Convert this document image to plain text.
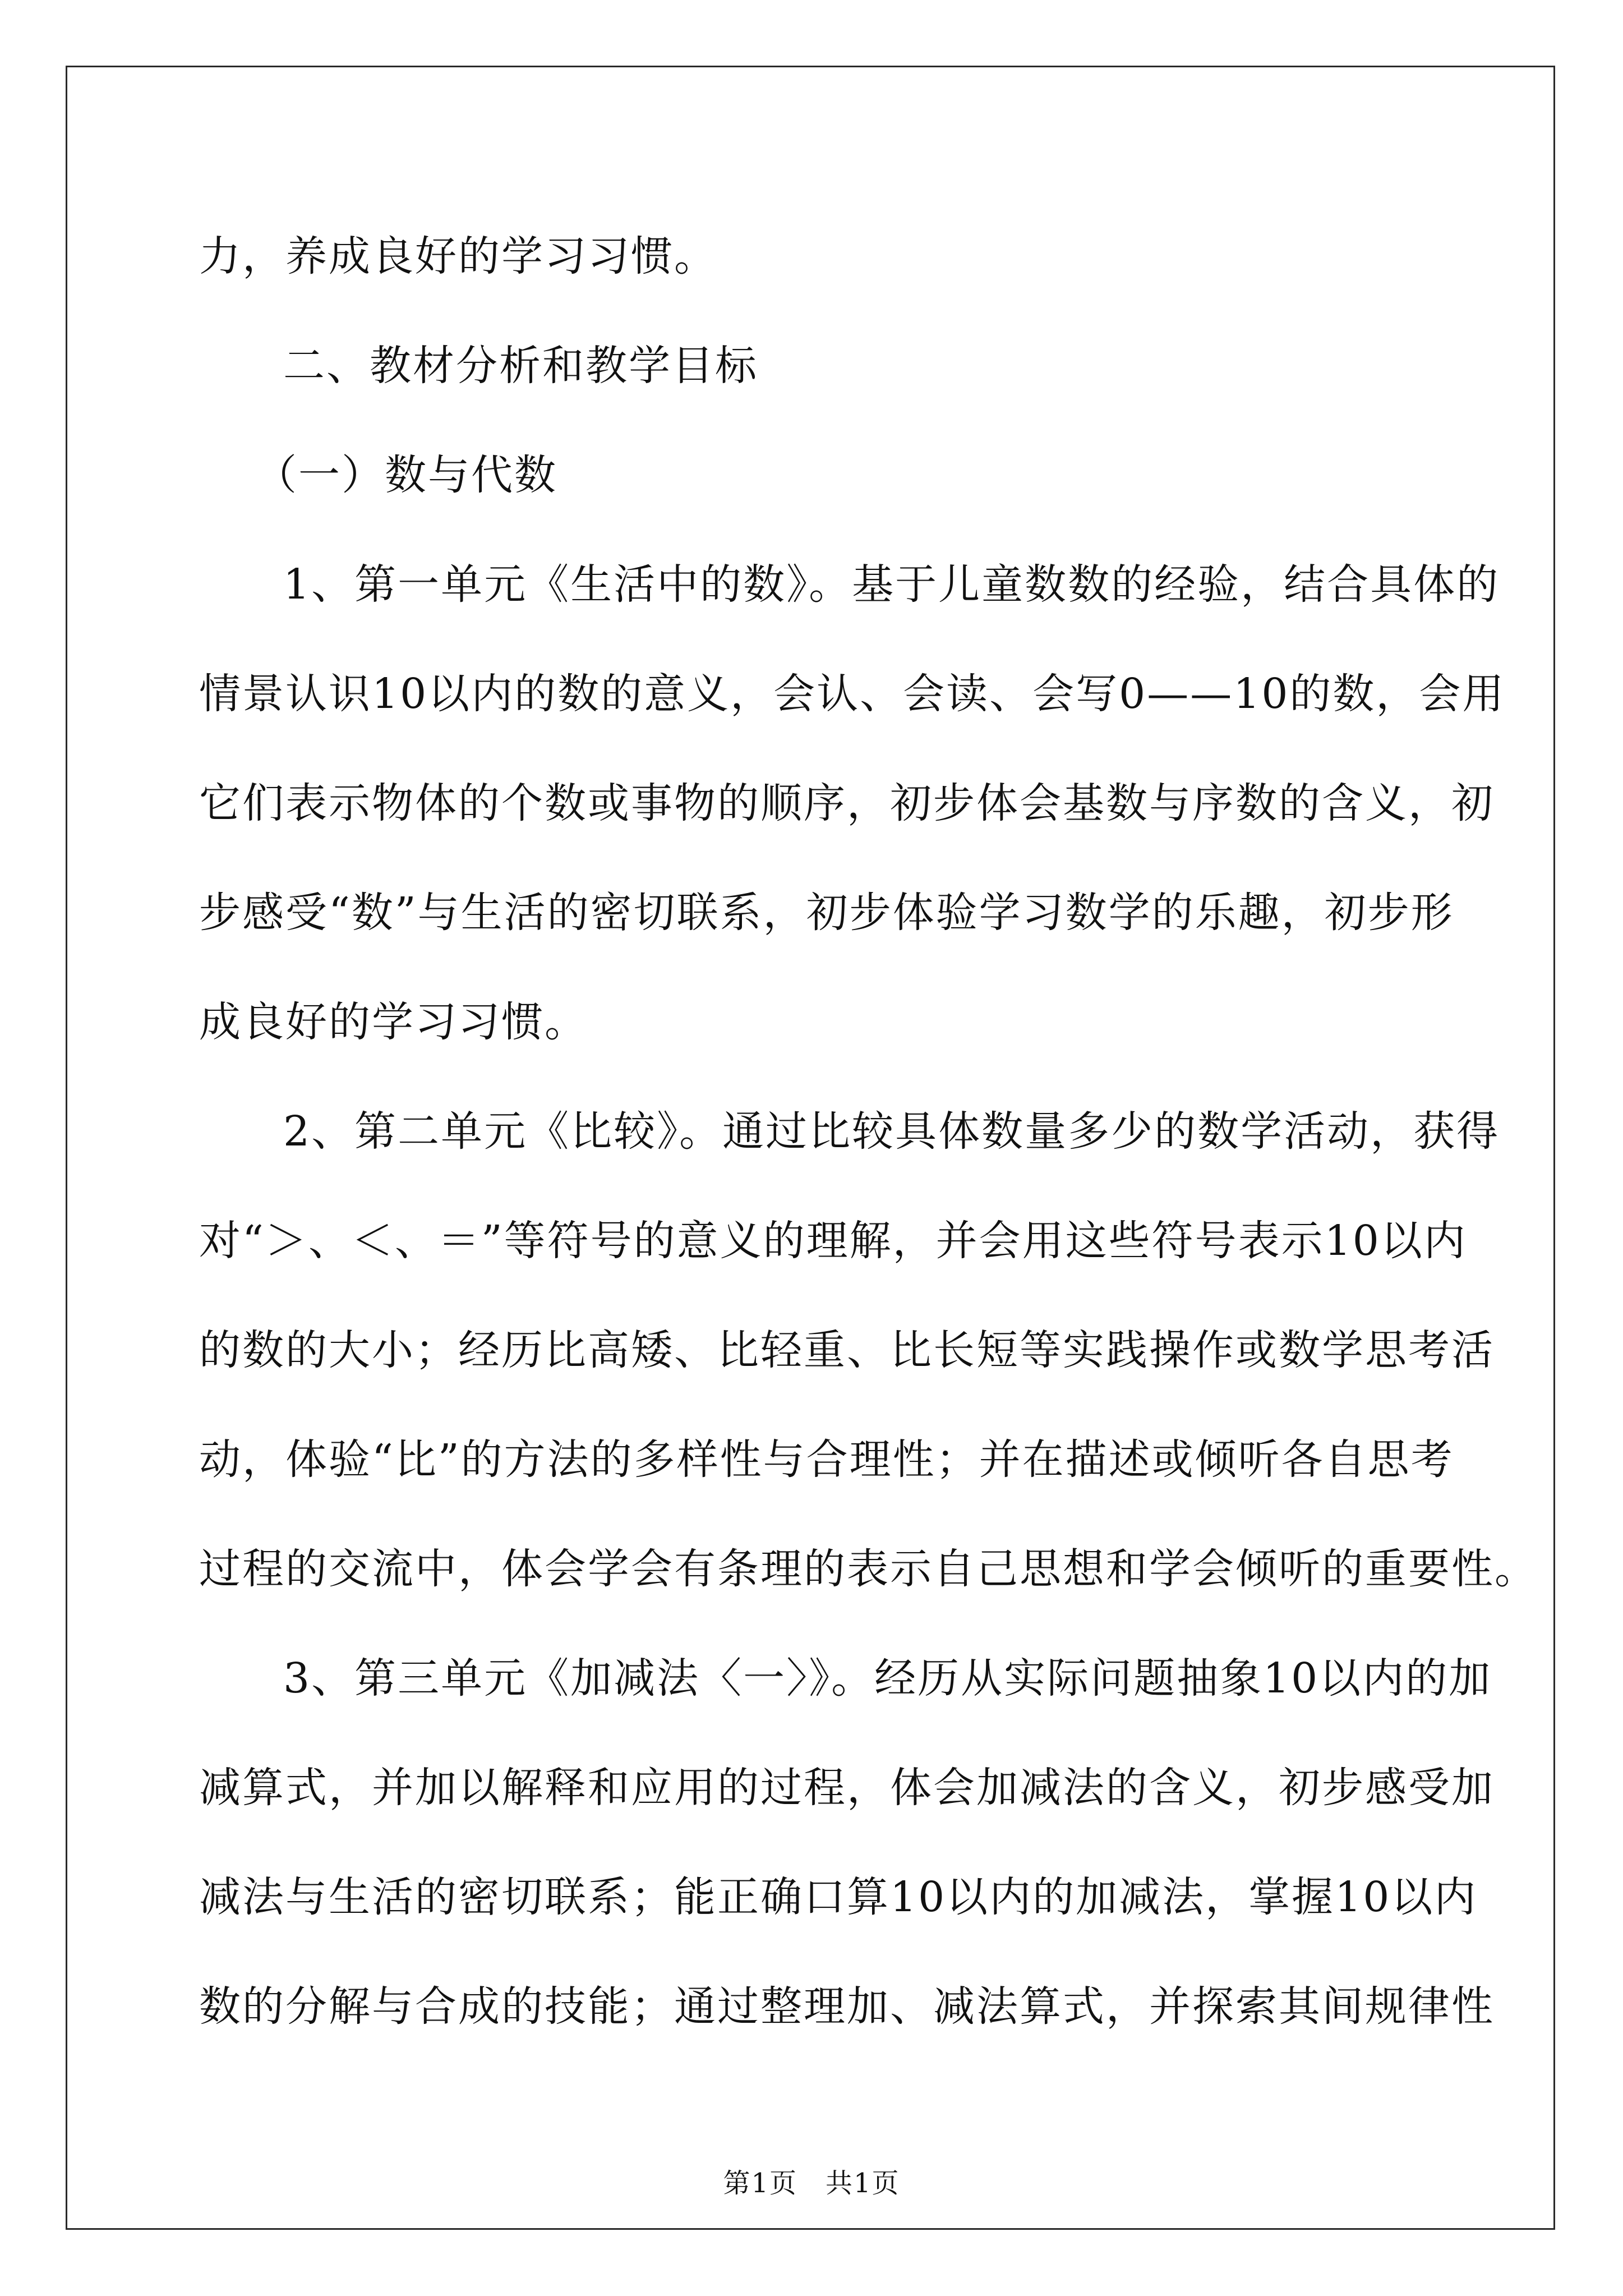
力，养成良好的学习习惯。
二、教材分析和教学目标
（一）数与代数
1、第一单元《生活中的数》。基于儿童数数的经验，结合具体的
情景认识10以内的数的意义，会认、会读、会写0——10的数，会用
它们表示物体的个数或事物的顺序，初步体会基数与序数的含义，初
步感受“数”与生活的密切联系，初步体验学习数学的乐趣，初步形
成良好的学习习惯。
2、第二单元《比较》。通过比较具体数量多少的数学活动，获得
对“＞、＜、＝”等符号的意义的理解，并会用这些符号表示10以内
的数的大小；经历比高矮、比轻重、比长短等实践操作或数学思考活
动，体验“比”的方法的多样性与合理性；并在描述或倾听各自思考
过程的交流中，体会学会有条理的表示自己思想和学会倾听的重要性。
3、第三单元《加减法〈一〉》。经历从实际问题抽象10以内的加
减算式，并加以解释和应用的过程，体会加减法的含义，初步感受加
减法与生活的密切联系；能正确口算10以内的加减法，掌握10以内
数的分解与合成的技能；通过整理加、减法算式，并探索其间规律性
第1页　共1页
